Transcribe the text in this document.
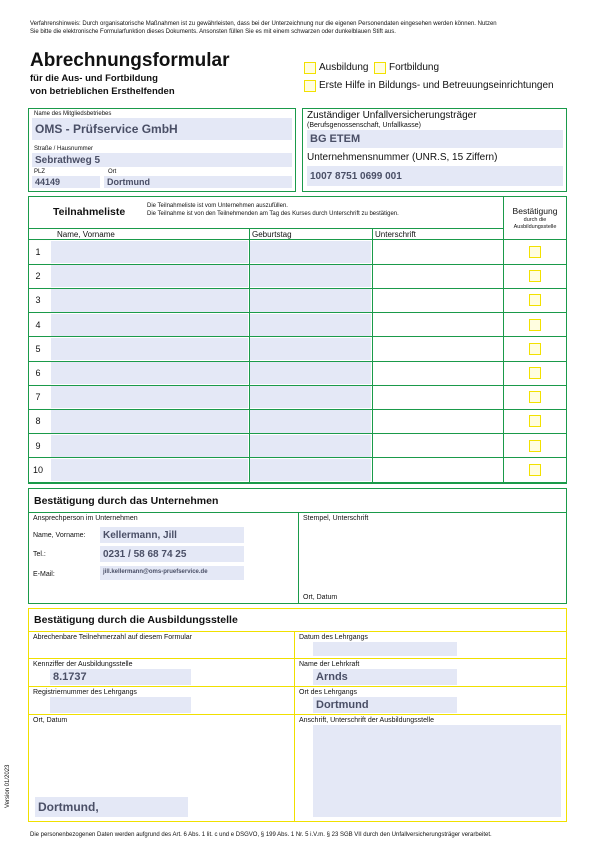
Verfahrenshinweis: Durch organisatorische Maßnahmen ist zu gewährleisten, dass bei der Unterzeichnung nur die eigenen Personendaten eingesehen werden können. Nutzen
Sie bitte die elektronische Formularfunktion dieses Dokuments. Ansonsten füllen Sie es mit einem schwarzen oder dunkelblauen Stift aus.
Abrechnungsformular
für die Aus- und Fortbildung
von betrieblichen Ersthelfenden
Ausbildung Fortbildung
Erste Hilfe in Bildungs- und Betreuungseinrichtungen
Name des Mitgliedsbetriebes
OMS - Prüfservice GmbH
Straße / Hausnummer
Sebrathweg 5
PLZ	Ort
44149	Dortmund
Zuständiger Unfallversicherungsträger
(Berufsgenossenschaft, Unfallkasse)
BG ETEM
Unternehmensnummer (UNR.S, 15 Ziffern)
1007 8751 0699 001
Teilnahmeliste	Die Teilnahmeliste ist vom Unternehmen auszufüllen.
Die Teilnahme ist von den Teilnehmenden am Tag des Kurses durch Unterschrift zu bestätigen.	Bestätigung
durch die
Ausbildungsstelle
Name, Vorname	Geburtstag	Unterschrift
1
2
3
4
5
6
7
8
9
10
Bestätigung durch das Unternehmen
Ansprechperson im Unternehmen	Stempel, Unterschrift
Name, Vorname: Kellermann, Jill
Tel.:	0231 / 58 68 74 25
E-Mail:	jill.kellermann@oms-pruefservice.de
Ort, Datum
Bestätigung durch die Ausbildungsstelle
Abrechenbare Teilnehmerzahl auf diesem Formular	Datum des Lehrgangs
Kennziffer der Ausbildungsstelle
8.1737
Name der Lehrkraft
Arnds
Registriernummer des Lehrgangs	Ort des Lehrgangs
Dortmund
Ort, Datum	Anschrift, Unterschrift der Ausbildungsstelle
Dortmund,
Version 01/2023
Die personenbezogenen Daten werden aufgrund des Art. 6 Abs. 1 lit. c und e DSGVO, § 199 Abs. 1 Nr. 5 i.V.m. § 23 SGB VII durch den Unfallversicherungsträger verarbeitet.
